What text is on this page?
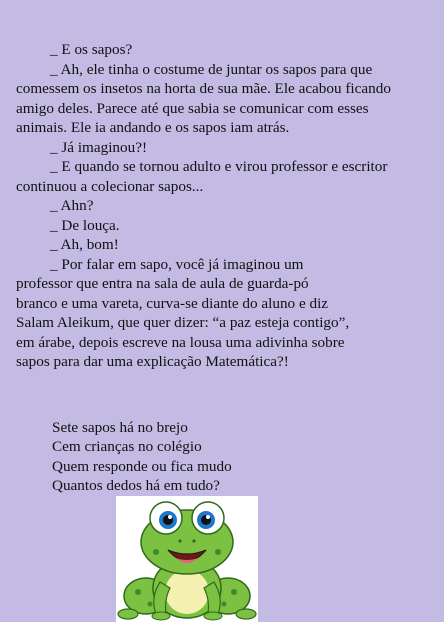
_ E os sapos?

_ Ah, ele tinha o costume de juntar os sapos para que comessem os insetos na horta de sua mãe. Ele acabou ficando amigo deles. Parece até que sabia se comunicar com esses animais. Ele ia andando e os sapos iam atrás.

_ Já imaginou?!

_ E quando se tornou adulto e virou professor e escritor continuou a colecionar sapos...

_ Ahn?

_ De louça.

_ Ah, bom!

_ Por falar em sapo, você já imaginou um professor que entra na sala de aula de guarda-pó branco e uma vareta, curva-se diante do aluno e diz Salam Aleikum, que quer dizer: “a paz esteja contigo”, em árabe, depois escreve na lousa uma adivinha sobre sapos para dar uma explicação Matemática?!

Sete sapos há no brejo
Cem crianças no colégio
Quem responde ou fica mudo
Quantos dedos há em tudo?
